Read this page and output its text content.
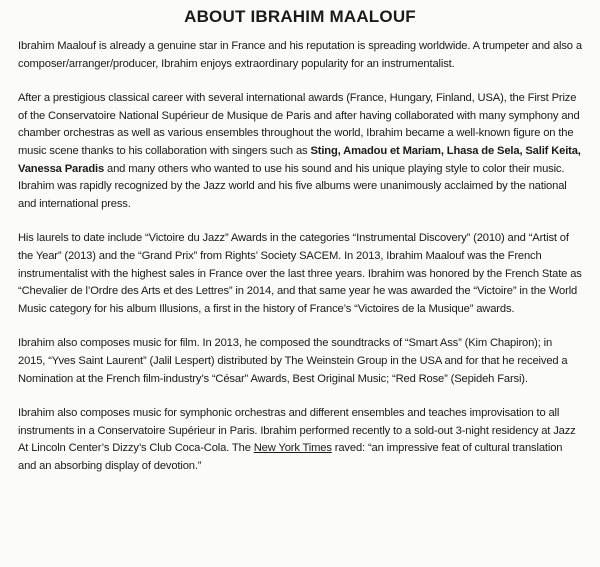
ABOUT IBRAHIM MAALOUF

Ibrahim Maalouf is already a genuine star in France and his reputation is spreading worldwide. A trumpeter and also a composer/arranger/producer, Ibrahim enjoys extraordinary popularity for an instrumentalist.

After a prestigious classical career with several international awards (France, Hungary, Finland, USA), the First Prize of the Conservatoire National Supérieur de Musique de Paris and after having collaborated with many symphony and chamber orchestras as well as various ensembles throughout the world, Ibrahim became a well-known figure on the music scene thanks to his collaboration with singers such as Sting, Amadou et Mariam, Lhasa de Sela, Salif Keita, Vanessa Paradis and many others who wanted to use his sound and his unique playing style to color their music. Ibrahim was rapidly recognized by the Jazz world and his five albums were unanimously acclaimed by the national and international press.

His laurels to date include “Victoire du Jazz” Awards in the categories “Instrumental Discovery” (2010) and “Artist of the Year” (2013) and the “Grand Prix” from Rights’ Society SACEM. In 2013, Ibrahim Maalouf was the French instrumentalist with the highest sales in France over the last three years. Ibrahim was honored by the French State as “Chevalier de l’Ordre des Arts et des Lettres” in 2014, and that same year he was awarded the “Victoire” in the World Music category for his album Illusions, a first in the history of France’s “Victoires de la Musique” awards.

Ibrahim also composes music for film. In 2013, he composed the soundtracks of “Smart Ass” (Kim Chapiron); in 2015, “Yves Saint Laurent” (Jalil Lespert) distributed by The Weinstein Group in the USA and for that he received a Nomination at the French film-industry’s “César” Awards, Best Original Music; “Red Rose” (Sepideh Farsi).

Ibrahim also composes music for symphonic orchestras and different ensembles and teaches improvisation to all instruments in a Conservatoire Supérieur in Paris. Ibrahim performed recently to a sold-out 3-night residency at Jazz At Lincoln Center’s Dizzy’s Club Coca-Cola. The New York Times raved: “an impressive feat of cultural translation and an absorbing display of devotion.”
